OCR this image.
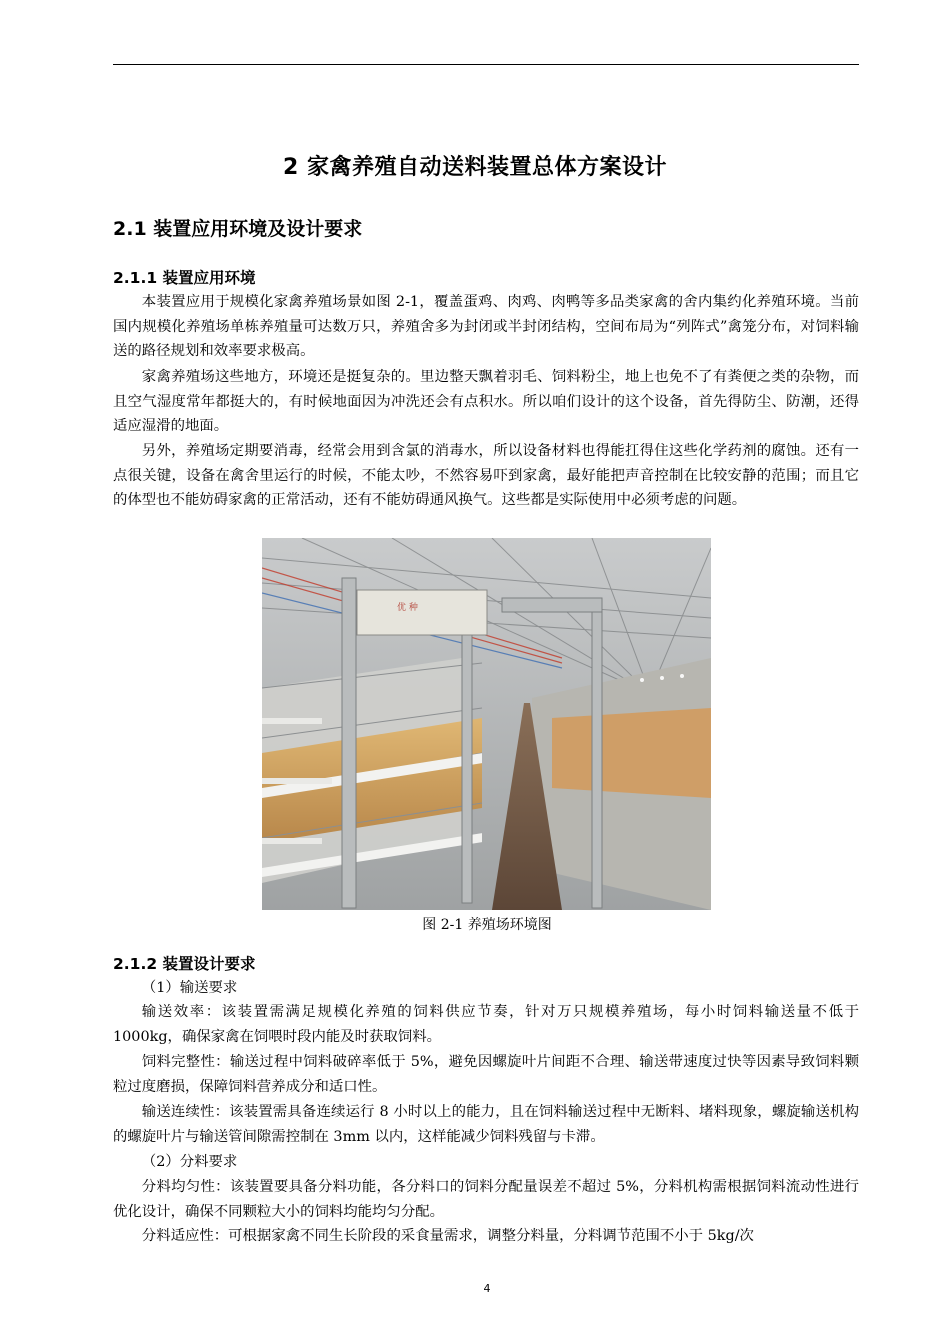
2 家禽养殖自动送料装置总体方案设计
2.1 装置应用环境及设计要求
2.1.1 装置应用环境

本装置应用于规模化家禽养殖场景如图 2-1，覆盖蛋鸡、肉鸡、肉鸭等多品类家禽的舍内集约化养殖环境。当前国内规模化养殖场单栋养殖量可达数万只，养殖舍多为封闭或半封闭结构，空间布局为“列阵式”禽笼分布，对饲料输送的路径规划和效率要求极高。

家禽养殖场这些地方，环境还是挺复杂的。里边整天飘着羽毛、饲料粉尘，地上也免不了有粪便之类的杂物，而且空气湿度常年都挺大的，有时候地面因为冲洗还会有点积水。所以咱们设计的这个设备，首先得防尘、防潮，还得适应湿滑的地面。

另外，养殖场定期要消毒，经常会用到含氯的消毒水，所以设备材料也得能扛得住这些化学药剂的腐蚀。还有一点很关键，设备在禽舍里运行的时候，不能太吵，不然容易吓到家禽，最好能把声音控制在比较安静的范围；而且它的体型也不能妨碍家禽的正常活动，还有不能妨碍通风换气。这些都是实际使用中必须考虑的问题。

优 种
图 2-1 养殖场环境图
2.1.2 装置设计要求

（1）输送要求

输送效率：该装置需满足规模化养殖的饲料供应节奏，针对万只规模养殖场，每小时饲料输送量不低于 1000kg，确保家禽在饲喂时段内能及时获取饲料。

饲料完整性：输送过程中饲料破碎率低于 5%，避免因螺旋叶片间距不合理、输送带速度过快等因素导致饲料颗粒过度磨损，保障饲料营养成分和适口性。

输送连续性：该装置需具备连续运行 8 小时以上的能力，且在饲料输送过程中无断料、堵料现象，螺旋输送机构的螺旋叶片与输送管间隙需控制在 3mm 以内，这样能减少饲料残留与卡滞。

（2）分料要求

分料均匀性：该装置要具备分料功能，各分料口的饲料分配量误差不超过 5%，分料机构需根据饲料流动性进行优化设计，确保不同颗粒大小的饲料均能均匀分配。

分料适应性：可根据家禽不同生长阶段的采食量需求，调整分料量，分料调节范围不小于 5kg/次

4
